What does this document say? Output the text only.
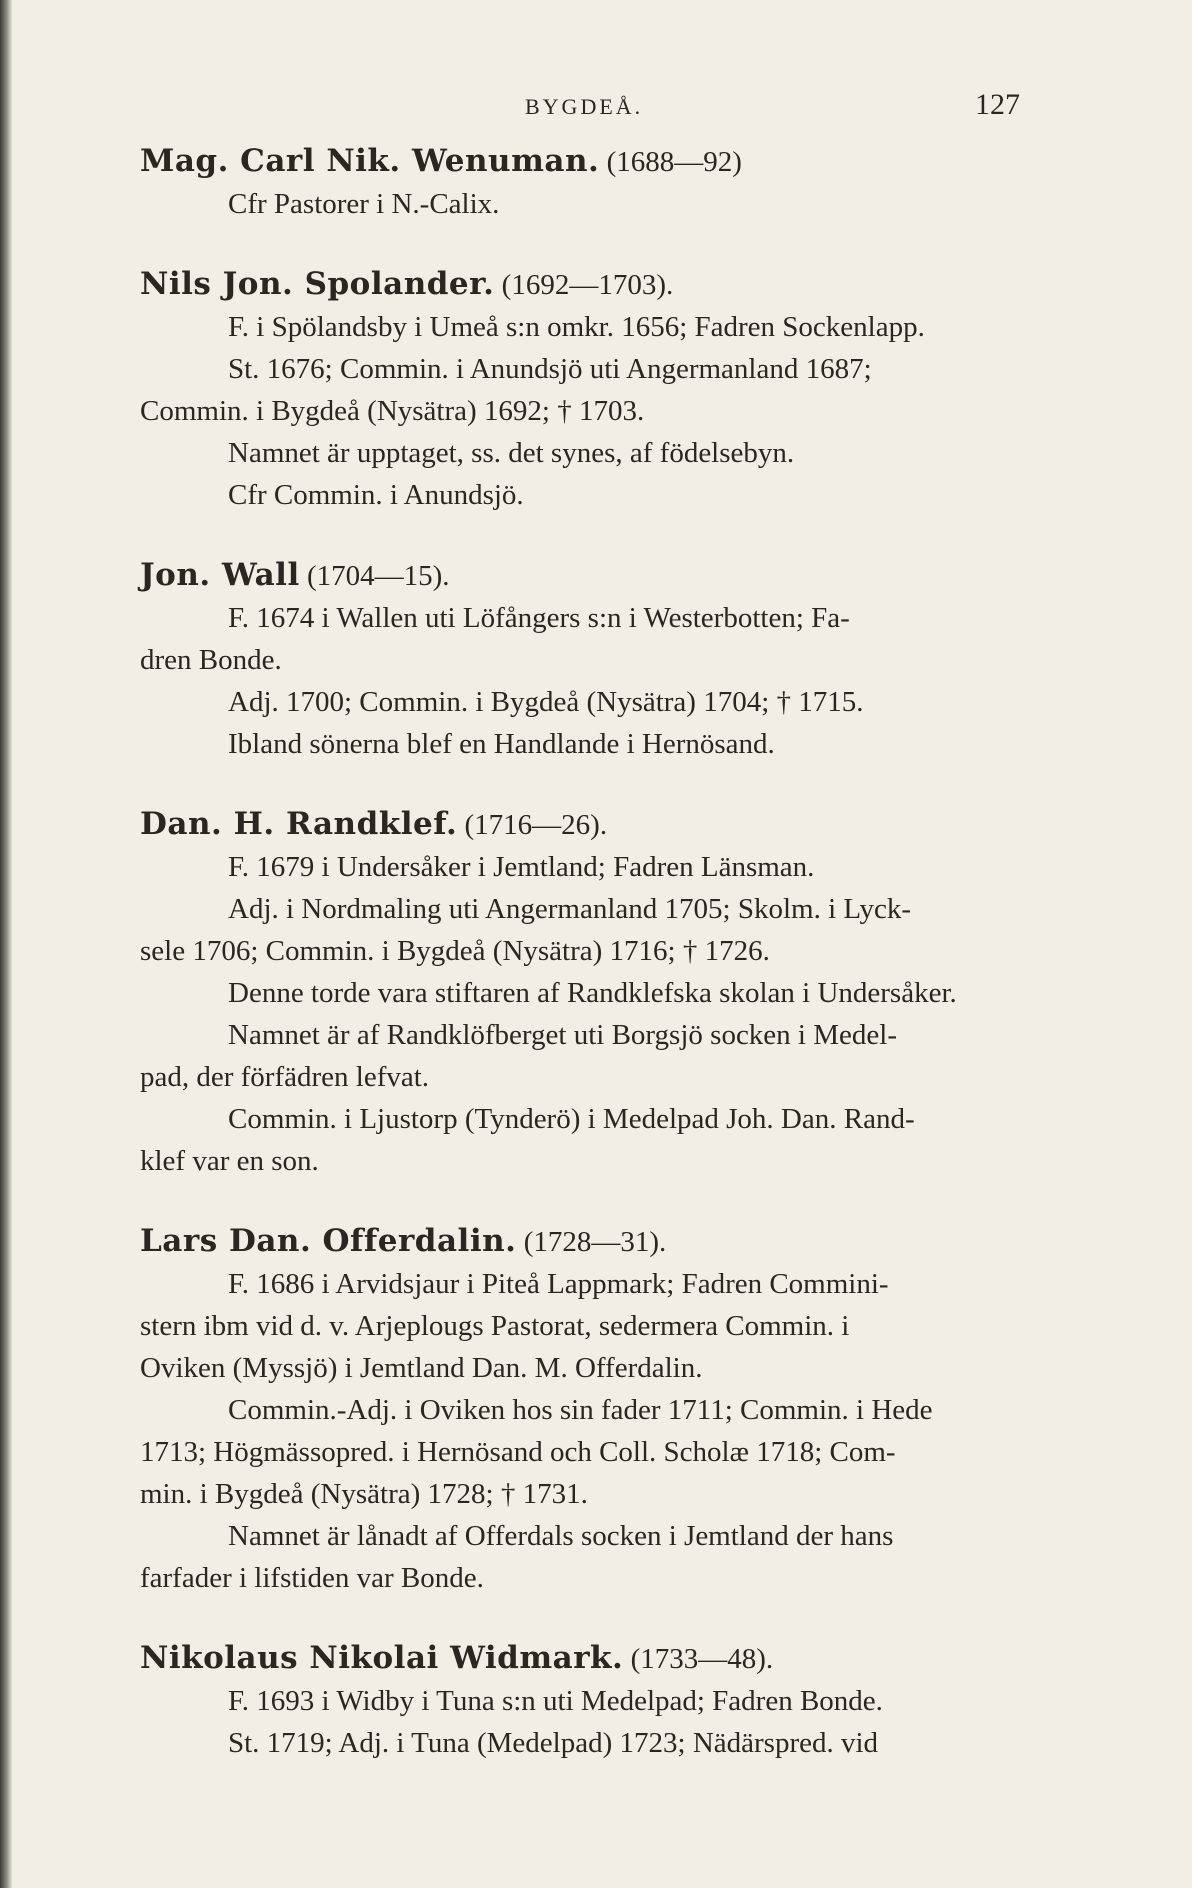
BYGDEÅ.	127
Mag. Carl Nik. Wenuman. (1688—92)
Cfr Pastorer i N.-Calix.
Nils Jon. Spolander. (1692—1703).
F. i Spölandsby i Umeå s:n omkr. 1656; Fadren Sockenlapp.
St. 1676; Commin. i Anundsjö uti Angermanland 1687;
Commin. i Bygdeå (Nysätra) 1692; † 1703.
Namnet är upptaget, ss. det synes, af födelsebyn.
Cfr Commin. i Anundsjö.
Jon. Wall (1704—15).
F. 1674 i Wallen uti Löfångers s:n i Westerbotten; Fa-
dren Bonde.
Adj. 1700; Commin. i Bygdeå (Nysätra) 1704; † 1715.
Ibland sönerna blef en Handlande i Hernösand.
Dan. H. Randklef. (1716—26).
F. 1679 i Undersåker i Jemtland; Fadren Länsman.
Adj. i Nordmaling uti Angermanland 1705; Skolm. i Lyck-
sele 1706; Commin. i Bygdeå (Nysätra) 1716; † 1726.
Denne torde vara stiftaren af Randklefska skolan i Undersåker.
Namnet är af Randklöfberget uti Borgsjö socken i Medel-
pad, der förfädren lefvat.
Commin. i Ljustorp (Tynderö) i Medelpad Joh. Dan. Rand-
klef var en son.
Lars Dan. Offerdalin. (1728—31).
F. 1686 i Arvidsjaur i Piteå Lappmark; Fadren Commini-
stern ibm vid d. v. Arjeplougs Pastorat, sedermera Commin. i
Oviken (Myssjö) i Jemtland Dan. M. Offerdalin.
Commin.-Adj. i Oviken hos sin fader 1711; Commin. i Hede
1713; Högmässopred. i Hernösand och Coll. Scholæ 1718; Com-
min. i Bygdeå (Nysätra) 1728; † 1731.
Namnet är lånadt af Offerdals socken i Jemtland der hans
farfader i lifstiden var Bonde.
Nikolaus Nikolai Widmark. (1733—48).
F. 1693 i Widby i Tuna s:n uti Medelpad; Fadren Bonde.
St. 1719; Adj. i Tuna (Medelpad) 1723; Nädärspred. vid
